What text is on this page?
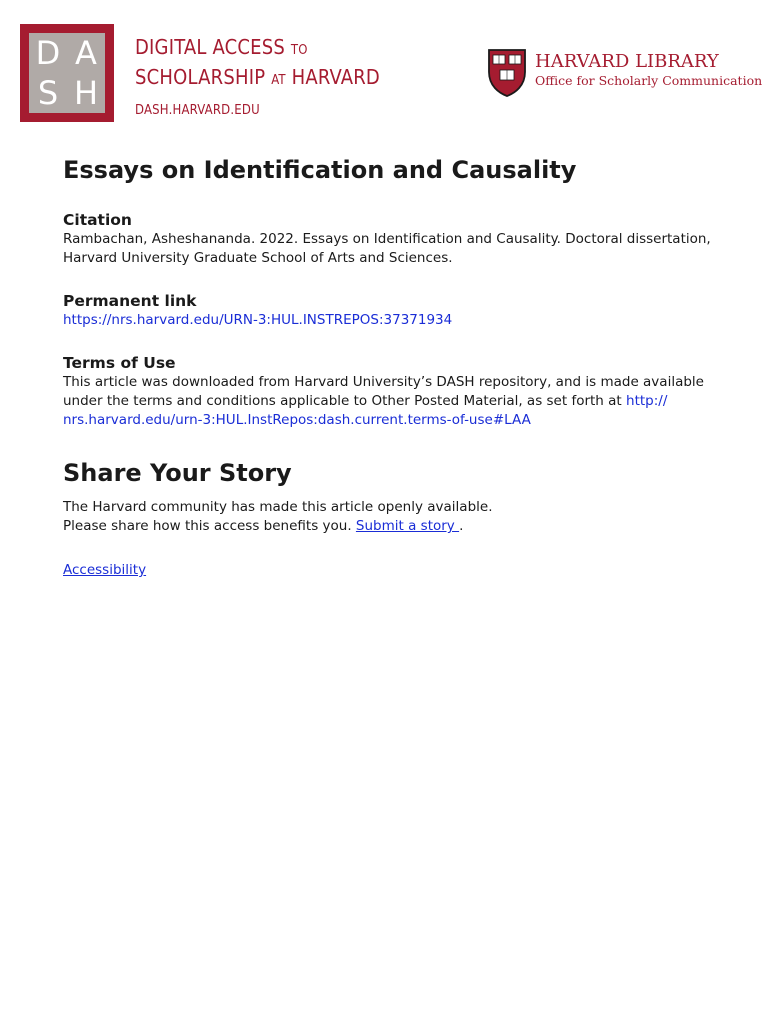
D A
S H
DIGITAL ACCESS TO
SCHOLARSHIP AT HARVARD
DASH.HARVARD.EDU
HARVARD LIBRARY
Office for Scholarly Communication
Essays on Identification and Causality

Citation

Rambachan, Asheshananda. 2022. Essays on Identification and Causality. Doctoral dissertation, Harvard University Graduate School of Arts and Sciences.

Permanent link

https://nrs.harvard.edu/URN-3:HUL.INSTREPOS:37371934

Terms of Use

This article was downloaded from Harvard University’s DASH repository, and is made available under the terms and conditions applicable to Other Posted Material, as set forth at http://
nrs.harvard.edu/urn-3:HUL.InstRepos:dash.current.terms-of-use#LAA

Share Your Story
The Harvard community has made this article openly available.
Please share how this access benefits you. Submit a story .
Accessibility
